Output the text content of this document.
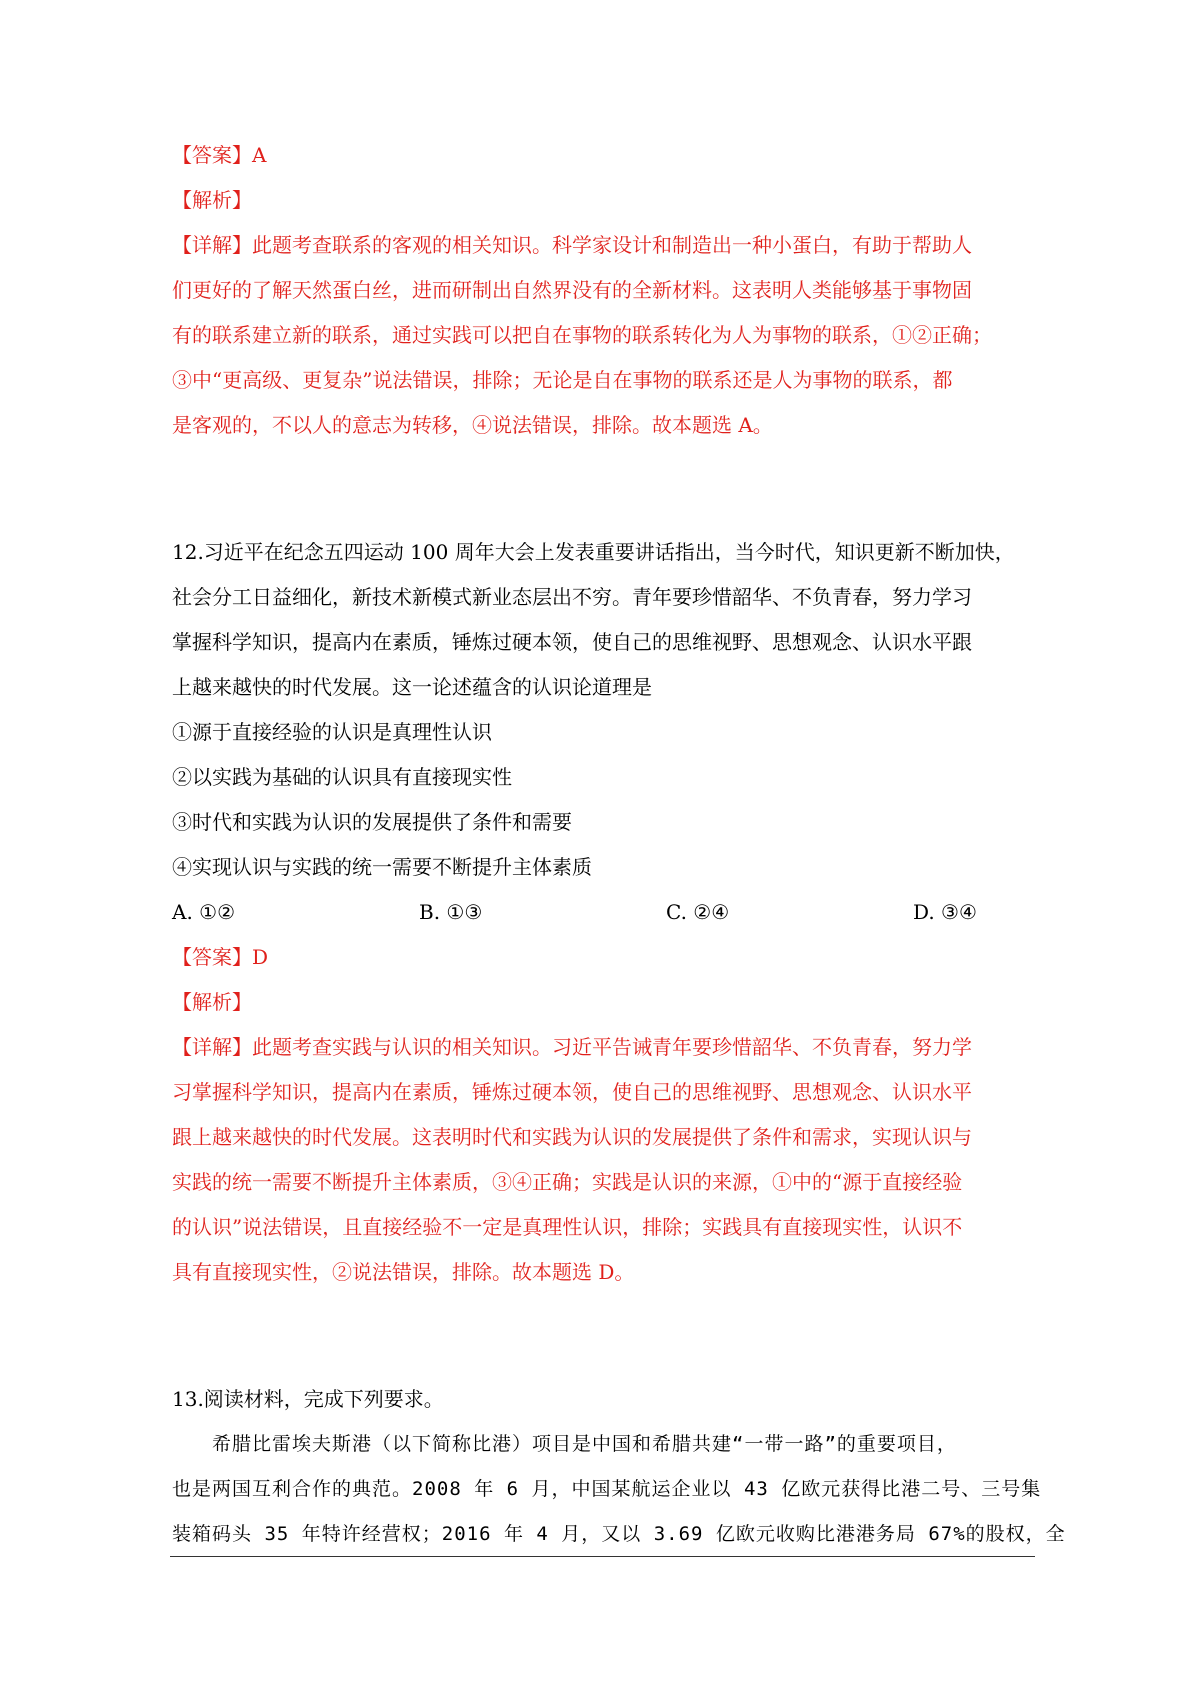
【答案】A
【解析】
【详解】此题考查联系的客观的相关知识。科学家设计和制造出一种小蛋白，有助于帮助人
们更好的了解天然蛋白丝，进而研制出自然界没有的全新材料。这表明人类能够基于事物固
有的联系建立新的联系，通过实践可以把自在事物的联系转化为人为事物的联系，①②正确；
③中“更高级、更复杂”说法错误，排除；无论是自在事物的联系还是人为事物的联系，都
是客观的，不以人的意志为转移，④说法错误，排除。故本题选 A。
12.习近平在纪念五四运动 100 周年大会上发表重要讲话指出，当今时代，知识更新不断加快，
社会分工日益细化，新技术新模式新业态层出不穷。青年要珍惜韶华、不负青春，努力学习
掌握科学知识，提高内在素质，锤炼过硬本领，使自己的思维视野、思想观念、认识水平跟
上越来越快的时代发展。这一论述蕴含的认识论道理是
①源于直接经验的认识是真理性认识
②以实践为基础的认识具有直接现实性
③时代和实践为认识的发展提供了条件和需要
④实现认识与实践的统一需要不断提升主体素质
A. ①②	B. ①③	C. ②④	D. ③④
【答案】D
【解析】
【详解】此题考查实践与认识的相关知识。习近平告诫青年要珍惜韶华、不负青春，努力学
习掌握科学知识，提高内在素质，锤炼过硬本领，使自己的思维视野、思想观念、认识水平
跟上越来越快的时代发展。这表明时代和实践为认识的发展提供了条件和需求，实现认识与
实践的统一需要不断提升主体素质，③④正确；实践是认识的来源，①中的“源于直接经验
的认识”说法错误，且直接经验不一定是真理性认识，排除；实践具有直接现实性，认识不
具有直接现实性，②说法错误，排除。故本题选 D。
13.阅读材料，完成下列要求。
　　希腊比雷埃夫斯港（以下简称比港）项目是中国和希腊共建“一带一路”的重要项目，
也是两国互利合作的典范。2008 年 6 月，中国某航运企业以 43 亿欧元获得比港二号、三号集
装箱码头 35 年特许经营权；2016 年 4 月，又以 3.69 亿欧元收购比港港务局 67%的股权，全
